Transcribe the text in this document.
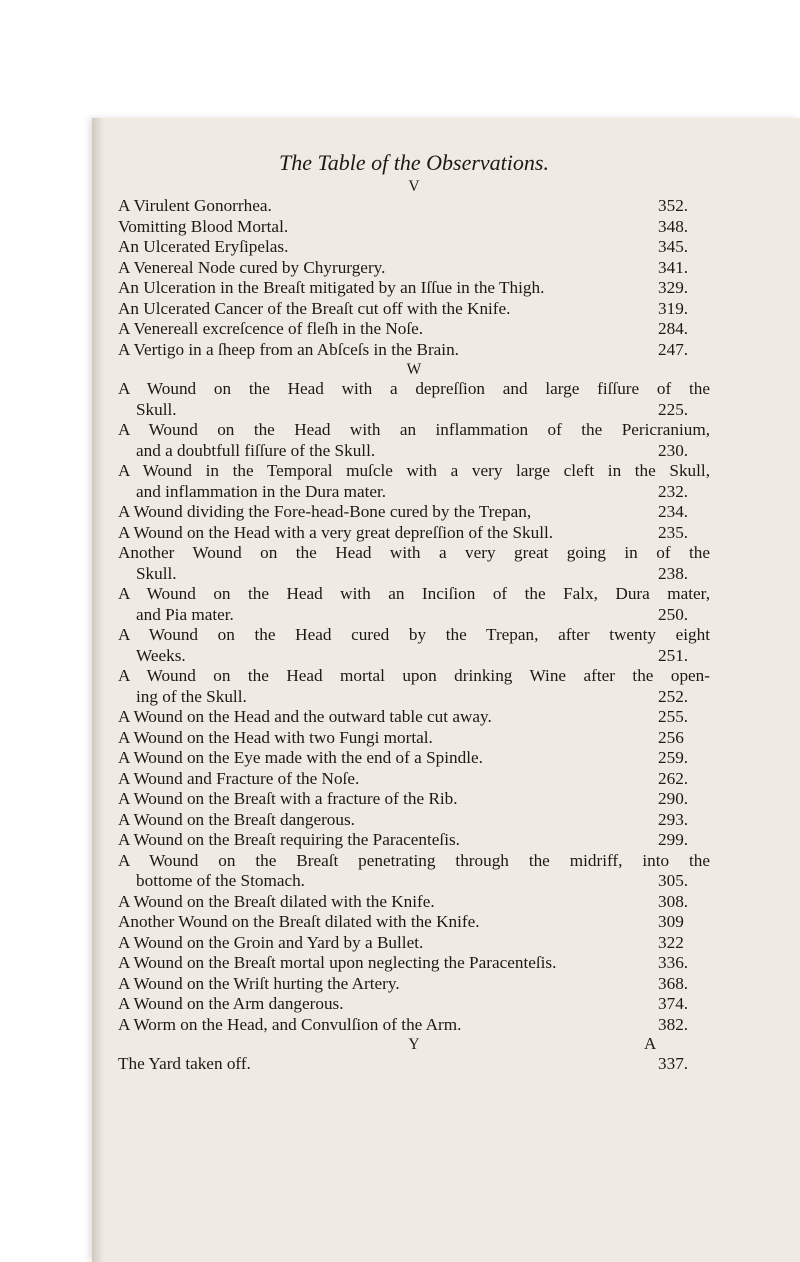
The Table of the Observations.
V
A Virulent Gonorrhea.	352.
Vomitting Blood Mortal.	348.
An Ulcerated Eryſipelas.	345.
A Venereal Node cured by Chyrurgery.	341.
An Ulceration in the Breaſt mitigated by an Iſſue in the Thigh.	329.
An Ulcerated Cancer of the Breaſt cut off with the Knife.	319.
A Venereall excreſcence of fleſh in the Noſe.	284.
A Vertigo in a ſheep from an Abſceſs in the Brain.	247.
W
A Wound on the Head with a depreſſion and large fiſſure of the
Skull.	225.
A Wound on the Head with an inflammation of the Pericranium,
and a doubtfull fiſſure of the Skull.	230.
A Wound in the Temporal muſcle with a very large cleft in the Skull,
and inflammation in the Dura mater.	232.
A Wound dividing the Fore-head-Bone cured by the Trepan,	234.
A Wound on the Head with a very great depreſſion of the Skull.	235.
Another Wound on the Head with a very great going in of the
Skull.	238.
A Wound on the Head with an Inciſion of the Falx, Dura mater,
and Pia mater.	250.
A Wound on the Head cured by the Trepan, after twenty eight
Weeks.	251.
A Wound on the Head mortal upon drinking Wine after the open-
ing of the Skull.	252.
A Wound on the Head and the outward table cut away.	255.
A Wound on the Head with two Fungi mortal.	256
A Wound on the Eye made with the end of a Spindle.	259.
A Wound and Fracture of the Noſe.	262.
A Wound on the Breaſt with a fracture of the Rib.	290.
A Wound on the Breaſt dangerous.	293.
A Wound on the Breaſt requiring the Paracenteſis.	299.
A Wound on the Breaſt penetrating through the midriff, into the
bottome of the Stomach.	305.
A Wound on the Breaſt dilated with the Knife.	308.
Another Wound on the Breaſt dilated with the Knife.	309
A Wound on the Groin and Yard by a Bullet.	322
A Wound on the Breaſt mortal upon neglecting the Paracenteſis.	336.
A Wound on the Wriſt hurting the Artery.	368.
A Wound on the Arm dangerous.	374.
A Worm on the Head, and Convulſion of the Arm.	382.
Y
The Yard taken off.	337.
A
